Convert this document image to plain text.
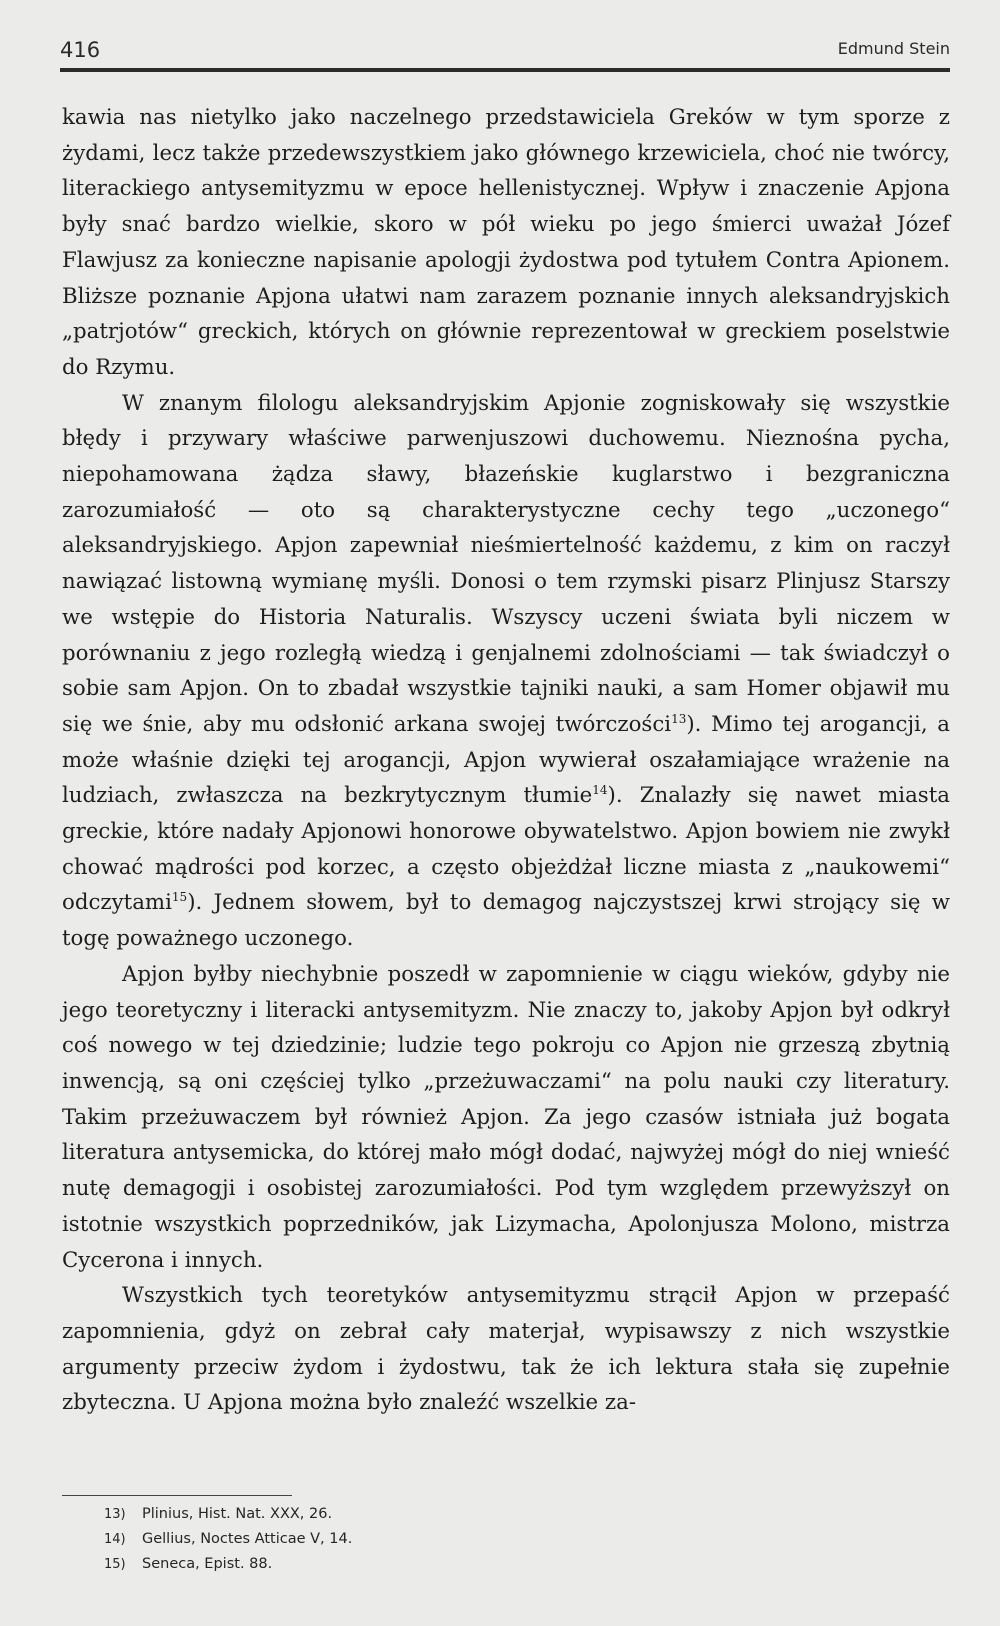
416	Edmund Stein

kawia nas nietylko jako naczelnego przedstawiciela Greków w tym sporze z żydami, lecz także przedewszystkiem jako głównego krzewiciela, choć nie twórcy, literackiego antysemityzmu w epoce hellenistycznej. Wpływ i znaczenie Apjona były snać bardzo wielkie, skoro w pół wieku po jego śmierci uważał Józef Flawjusz za konieczne napisanie apologji żydostwa pod tytułem Contra Apionem. Bliższe poznanie Apjona ułatwi nam zarazem poznanie innych aleksandryjskich „patrjotów“ greckich, których on głównie reprezentował w greckiem poselstwie do Rzymu.

W znanym filologu aleksandryjskim Apjonie zogniskowały się wszystkie błędy i przywary właściwe parwenjuszowi duchowemu. Nieznośna pycha, niepohamowana żądza sławy, błazeńskie kuglarstwo i bezgraniczna zarozumiałość — oto są charakterystyczne cechy tego „uczonego“ aleksandryjskiego. Apjon zapewniał nieśmiertelność każdemu, z kim on raczył nawiązać listowną wymianę myśli. Donosi o tem rzymski pisarz Plinjusz Starszy we wstępie do Historia Naturalis. Wszyscy uczeni świata byli niczem w porównaniu z jego rozległą wiedzą i genjalnemi zdolnościami — tak świadczył o sobie sam Apjon. On to zbadał wszystkie tajniki nauki, a sam Homer objawił mu się we śnie, aby mu odsłonić arkana swojej twórczości$^{13}$). Mimo tej arogancji, a może właśnie dzięki tej arogancji, Apjon wywierał oszałamiające wrażenie na ludziach, zwłaszcza na bezkrytycznym tłumie$^{14}$). Znalazły się nawet miasta greckie, które nadały Apjonowi honorowe obywatelstwo. Apjon bowiem nie zwykł chować mądrości pod korzec, a często objeżdżał liczne miasta z „naukowemi“ odczytami$^{15}$). Jednem słowem, był to demagog najczystszej krwi strojący się w togę poważnego uczonego.

Apjon byłby niechybnie poszedł w zapomnienie w ciągu wieków, gdyby nie jego teoretyczny i literacki antysemityzm. Nie znaczy to, jakoby Apjon był odkrył coś nowego w tej dziedzinie; ludzie tego pokroju co Apjon nie grzeszą zbytnią inwencją, są oni częściej tylko „przeżuwaczami“ na polu nauki czy literatury. Takim przeżuwaczem był również Apjon. Za jego czasów istniała już bogata literatura antysemicka, do której mało mógł dodać, najwyżej mógł do niej wnieść nutę demagogji i osobistej zarozumiałości. Pod tym względem przewyższył on istotnie wszystkich poprzedników, jak Lizymacha, Apolonjusza Molono, mistrza Cycerona i innych.

Wszystkich tych teoretyków antysemityzmu strącił Apjon w przepaść zapomnienia, gdyż on zebrał cały materjał, wypisawszy z nich wszystkie argumenty przeciw żydom i żydostwu, tak że ich lektura stała się zupełnie zbyteczna. U Apjona można było znaleźć wszelkie za-

13) Plinius, Hist. Nat. XXX, 26.
14) Gellius, Noctes Atticae V, 14.
15) Seneca, Epist. 88.
